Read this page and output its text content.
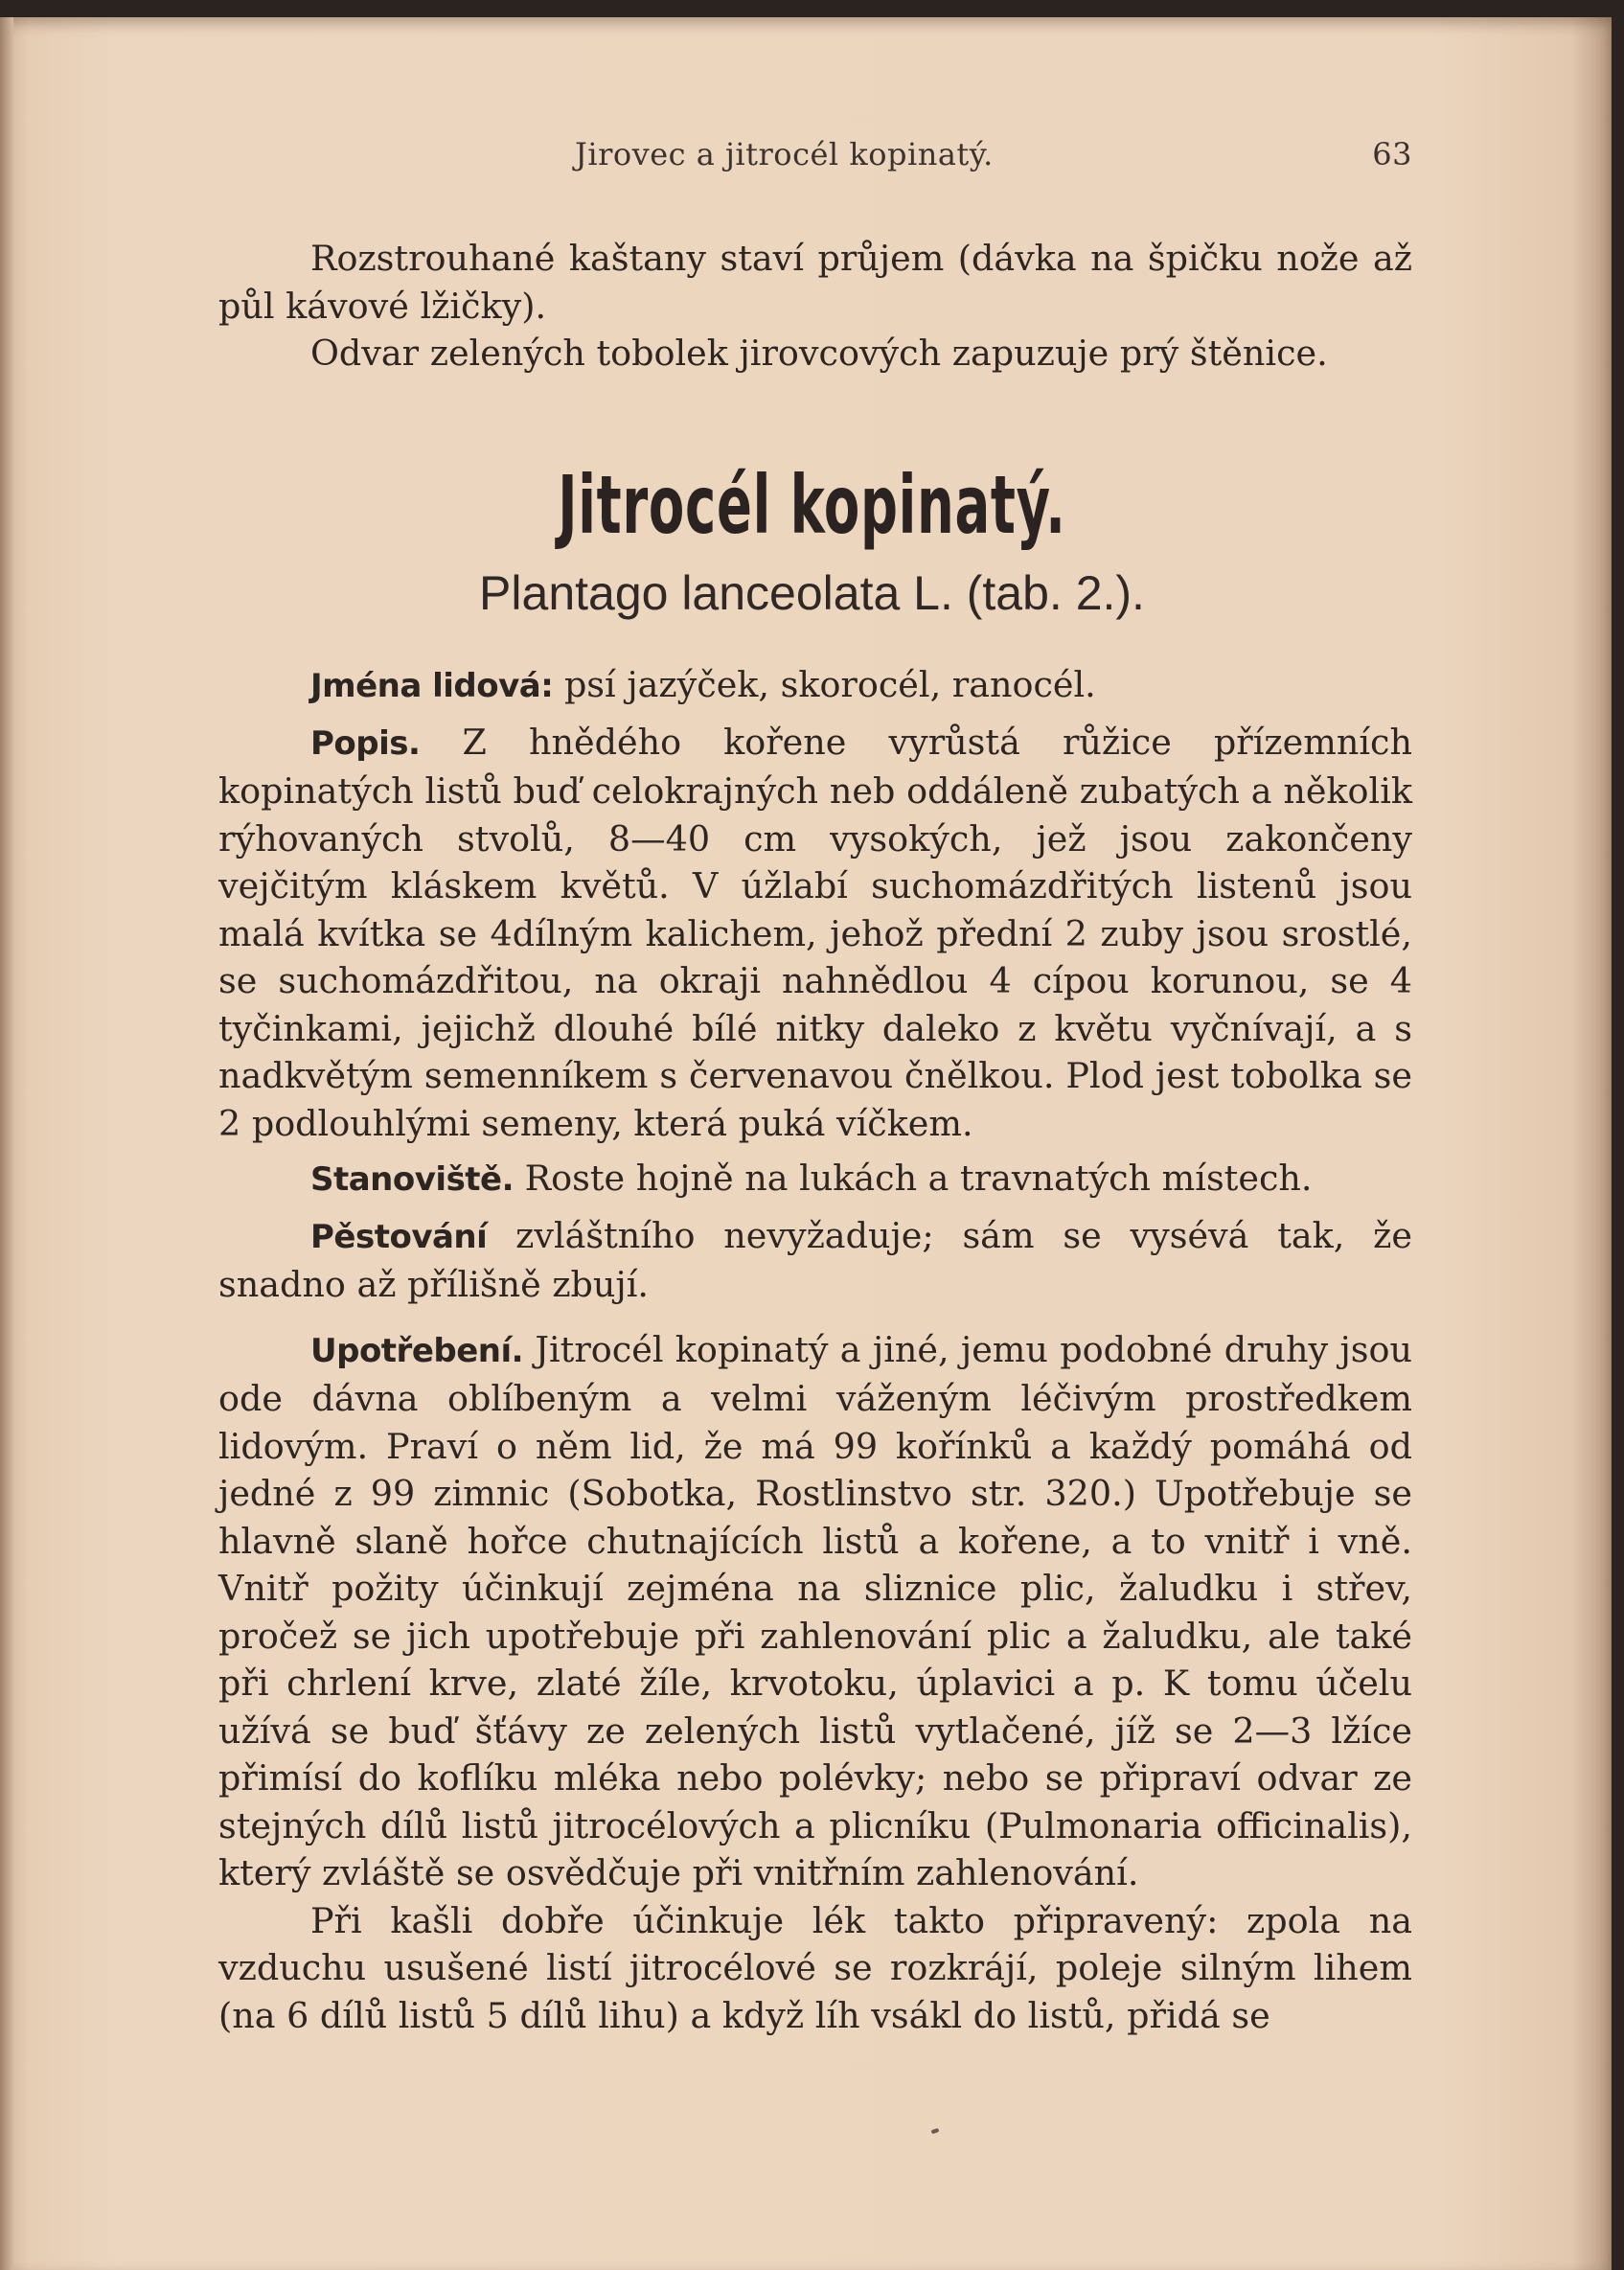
Jirovec a jitrocél kopinatý.	63

Rozstrouhané kaštany staví průjem (dávka na špičku nože až půl kávové lžičky).

Odvar zelených tobolek jirovcových zapuzuje prý štěnice.

Jitrocél kopinatý.
Plantago lanceolata L. (tab. 2.).

Jména lidová: psí jazýček, skorocél, ranocél.

Popis. Z hnědého kořene vyrůstá růžice přízemních kopinatých listů buď celokrajných neb oddáleně zubatých a několik rýhovaných stvolů, 8—40 cm vysokých, jež jsou zakončeny vejčitým kláskem květů. V úžlabí suchomázdřitých listenů jsou malá kvítka se 4dílným kalichem, jehož přední 2 zuby jsou srostlé, se suchomázdřitou, na okraji nahnědlou 4 cípou korunou, se 4 tyčinkami, jejichž dlouhé bílé nitky daleko z květu vyčnívají, a s nadkvětým semenníkem s červenavou čnělkou. Plod jest tobolka se 2 podlouhlými semeny, která puká víčkem.

Stanoviště. Roste hojně na lukách a travnatých místech.

Pěstování zvláštního nevyžaduje; sám se vysévá tak, že snadno až přílišně zbují.

Upotřebení. Jitrocél kopinatý a jiné, jemu podobné druhy jsou ode dávna oblíbeným a velmi váženým léčivým prostředkem lidovým. Praví o něm lid, že má 99 kořínků a každý pomáhá od jedné z 99 zimnic (Sobotka, Rostlinstvo str. 320.) Upotřebuje se hlavně slaně hořce chutnajících listů a kořene, a to vnitř i vně. Vnitř požity účinkují zejména na sliznice plic, žaludku i střev, pročež se jich upotřebuje při zahlenování plic a žaludku, ale také při chrlení krve, zlaté žíle, krvotoku, úplavici a p. K tomu účelu užívá se buď šťávy ze zelených listů vytlačené, jíž se 2—3 lžíce přimísí do koflíku mléka nebo polévky; nebo se připraví odvar ze stejných dílů listů jitrocélových a plicníku (Pulmonaria officinalis), který zvláště se osvědčuje při vnitřním zahlenování.

Při kašli dobře účinkuje lék takto připravený: zpola na vzduchu usušené listí jitrocélové se rozkrájí, poleje silným lihem (na 6 dílů listů 5 dílů lihu) a když líh vsákl do listů, přidá se
